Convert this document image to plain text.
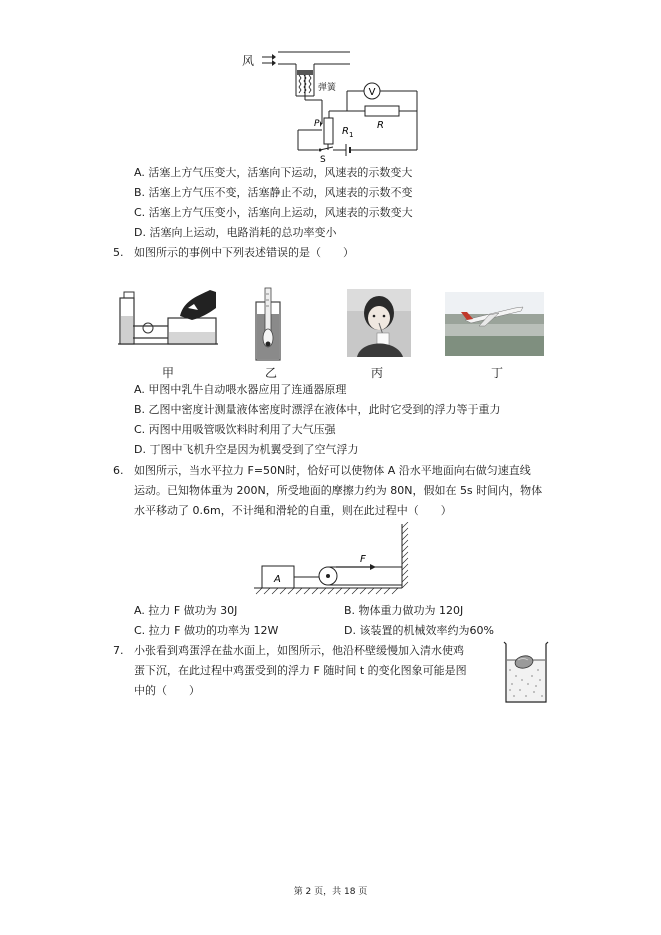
V
R
P
R 1
S
风
弹簧
A. 活塞上方气压变大，活塞向下运动，风速表的示数变大
B. 活塞上方气压不变，活塞静止不动，风速表的示数不变
C. 活塞上方气压变小，活塞向上运动，风速表的示数变大
D. 活塞向上运动，电路消耗的总功率变小
5. 如图所示的事例中下列表述错误的是（　　）
甲	乙	丙	丁
A. 甲图中乳牛自动喂水器应用了连通器原理
B. 乙图中密度计测量液体密度时漂浮在液体中，此时它受到的浮力等于重力
C. 丙图中用吸管吸饮料时利用了大气压强
D. 丁图中飞机升空是因为机翼受到了空气浮力
6. 如图所示，当水平拉力 F=50N时，恰好可以使物体 A 沿水平地面向右做匀速直线
运动。已知物体重为 200N，所受地面的摩擦力约为 80N，假如在 5s 时间内，物体
水平移动了 0.6m，不计绳和滑轮的自重，则在此过程中（　　）
A
F
A. 拉力 F 做功为 30J	B. 物体重力做功为 120J
C. 拉力 F 做功的功率为 12W	D. 该装置的机械效率约为60%
7. 小张看到鸡蛋浮在盐水面上，如图所示，他沿杯壁缓慢加入清水使鸡
蛋下沉，在此过程中鸡蛋受到的浮力 F 随时间 t 的变化图象可能是图
中的（　　）
第 2 页，共 18 页
